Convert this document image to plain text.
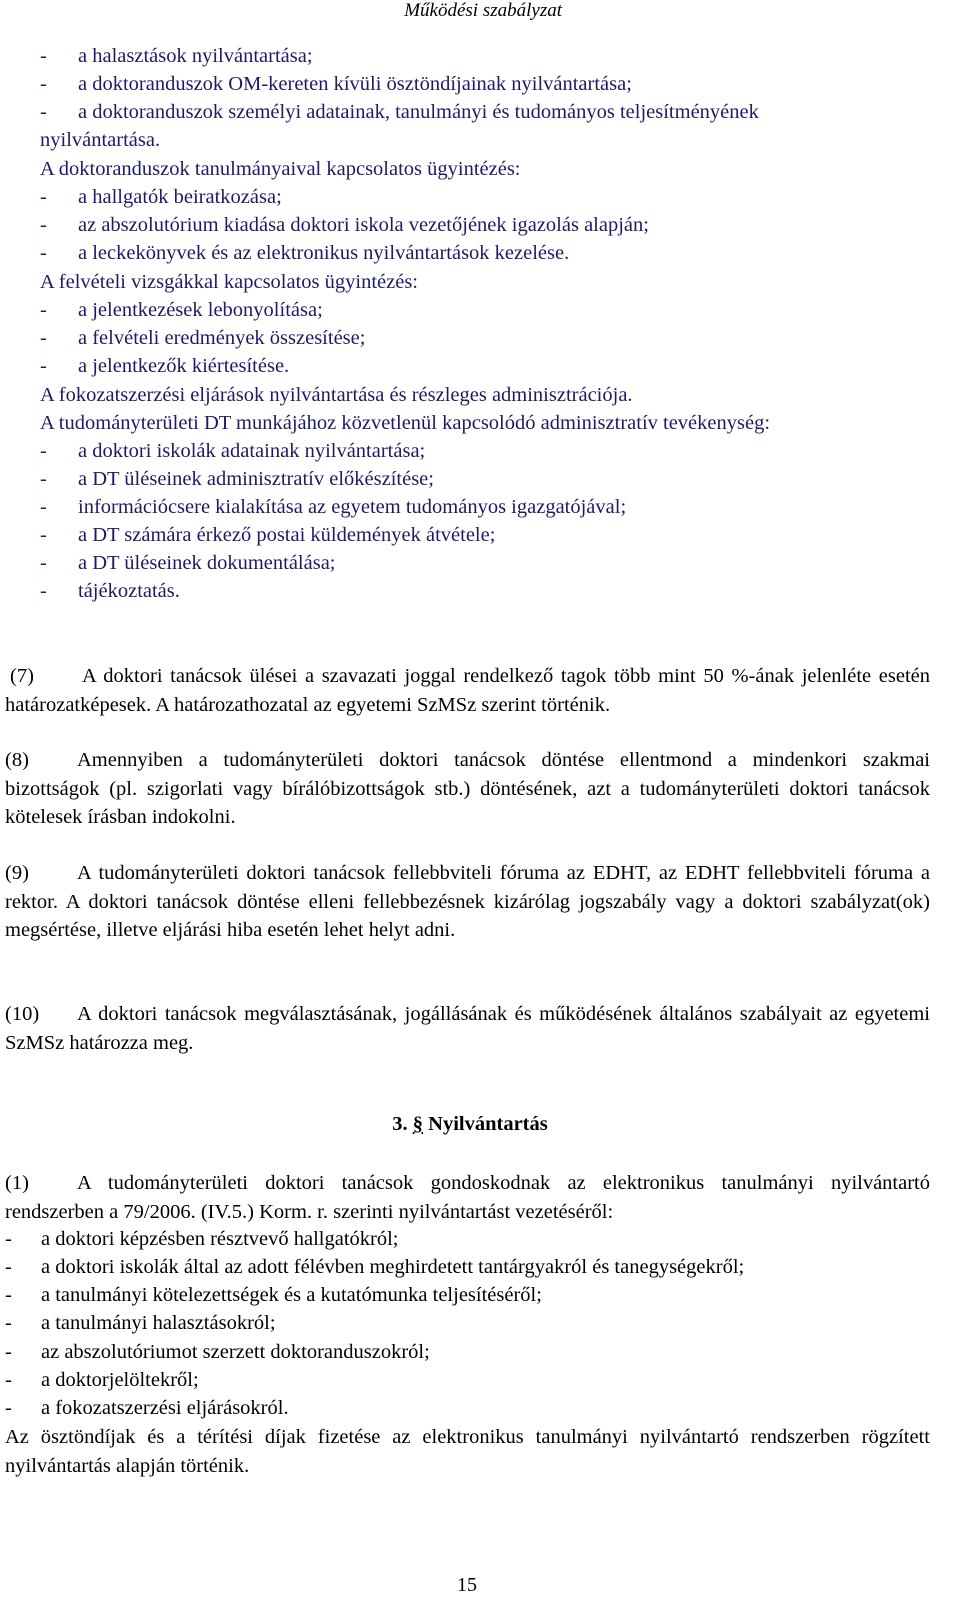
Működési szabályzat
- a halasztások nyilvántartása;
- a doktoranduszok OM-kereten kívüli ösztöndíjainak nyilvántartása;
- a doktoranduszok személyi adatainak, tanulmányi és tudományos teljesítményének
nyilvántartása.
A doktoranduszok tanulmányaival kapcsolatos ügyintézés:
- a hallgatók beiratkozása;
- az abszolutórium kiadása doktori iskola vezetőjének igazolás alapján;
- a leckekönyvek és az elektronikus nyilvántartások kezelése.
A felvételi vizsgákkal kapcsolatos ügyintézés:
- a jelentkezések lebonyolítása;
- a felvételi eredmények összesítése;
- a jelentkezők kiértesítése.
A fokozatszerzési eljárások nyilvántartása és részleges adminisztrációja.
A tudományterületi DT munkájához közvetlenül kapcsolódó adminisztratív tevékenység:
- a doktori iskolák adatainak nyilvántartása;
- a DT üléseinek adminisztratív előkészítése;
- információcsere kialakítása az egyetem tudományos igazgatójával;
- a DT számára érkező postai küldemények átvétele;
- a DT üléseinek dokumentálása;
- tájékoztatás.

(7) A doktori tanácsok ülései a szavazati joggal rendelkező tagok több mint 50 %-ának jelenléte esetén határozatképesek. A határozathozatal az egyetemi SzMSz szerint történik.

(8) Amennyiben a tudományterületi doktori tanácsok döntése ellentmond a mindenkori szakmai bizottságok (pl. szigorlati vagy bírálóbizottságok stb.) döntésének, azt a tudományterületi doktori tanácsok kötelesek írásban indokolni.

(9) A tudományterületi doktori tanácsok fellebbviteli fóruma az EDHT, az EDHT fellebbviteli fóruma a rektor. A doktori tanácsok döntése elleni fellebbezésnek kizárólag jogszabály vagy a doktori szabályzat(ok) megsértése, illetve eljárási hiba esetén lehet helyt adni.

(10) A doktori tanácsok megválasztásának, jogállásának és működésének általános szabályait az egyetemi SzMSz határozza meg.

3. § Nyilvántartás

(1) A tudományterületi doktori tanácsok gondoskodnak az elektronikus tanulmányi nyilvántartó rendszerben a 79/2006. (IV.5.) Korm. r. szerinti nyilvántartást vezetéséről:

- a doktori képzésben résztvevő hallgatókról;
- a doktori iskolák által az adott félévben meghirdetett tantárgyakról és tanegységekről;
- a tanulmányi kötelezettségek és a kutatómunka teljesítéséről;
- a tanulmányi halasztásokról;
- az abszolutóriumot szerzett doktoranduszokról;
- a doktorjelöltekről;
- a fokozatszerzési eljárásokról.

Az ösztöndíjak és a térítési díjak fizetése az elektronikus tanulmányi nyilvántartó rendszerben rögzített nyilvántartás alapján történik.

15
